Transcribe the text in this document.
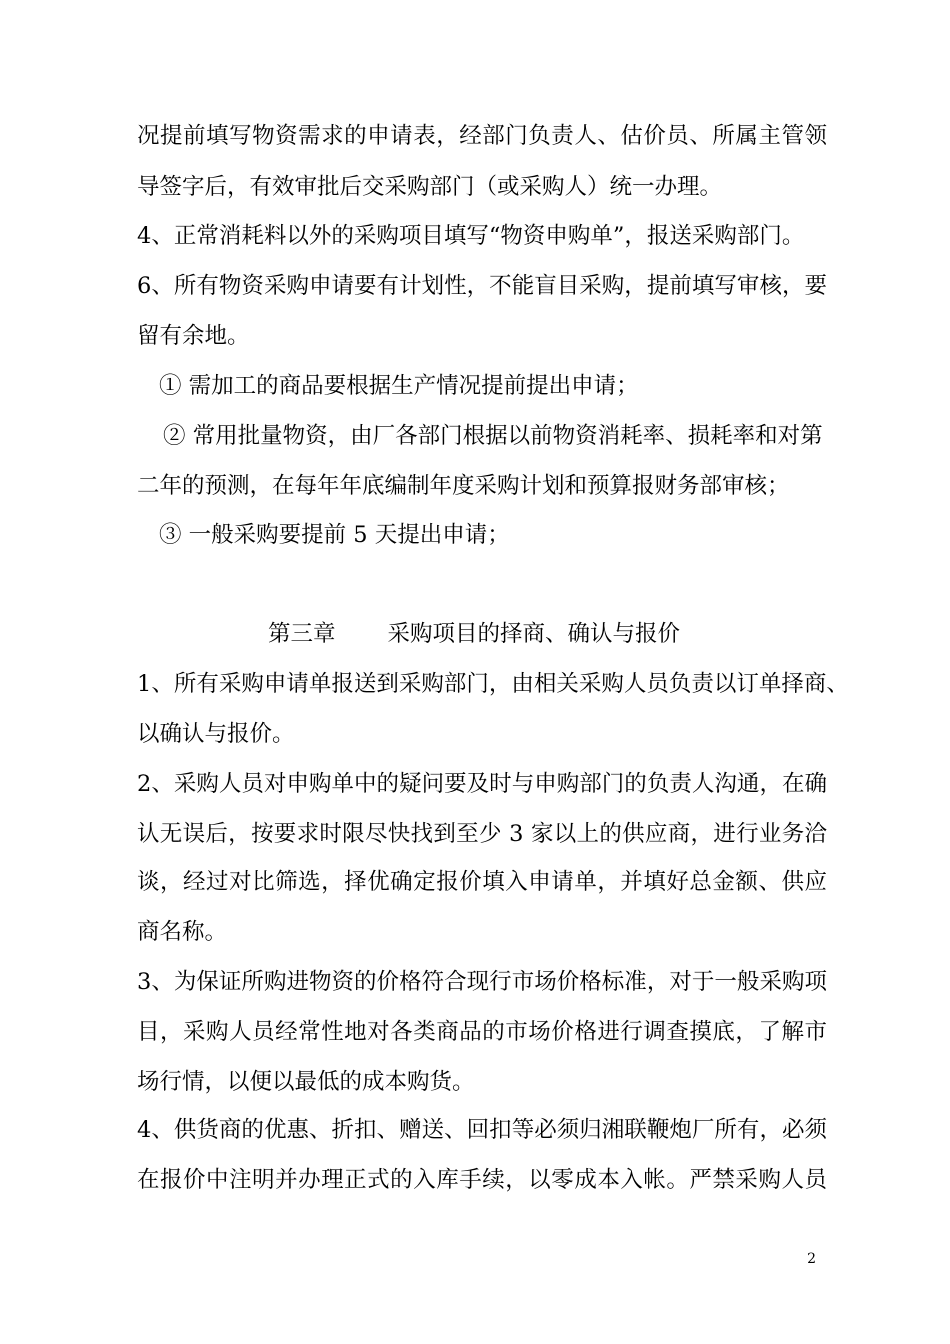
况提前填写物资需求的申请表，经部门负责人、估价员、所属主管领
导签字后，有效审批后交采购部门（或采购人）统一办理。
4、正常消耗料以外的采购项目填写“物资申购单”，报送采购部门。
6、所有物资采购申请要有计划性，不能盲目采购，提前填写审核，要
留有余地。
① 需加工的商品要根据生产情况提前提出申请；
② 常用批量物资，由厂各部门根据以前物资消耗率、损耗率和对第
二年的预测，在每年年底编制年度采购计划和预算报财务部审核；
③ 一般采购要提前 5 天提出申请；
第三章 采购项目的择商、确认与报价
1、所有采购申请单报送到采购部门，由相关采购人员负责以订单择商、
以确认与报价。
2、采购人员对申购单中的疑问要及时与申购部门的负责人沟通，在确
认无误后，按要求时限尽快找到至少 3 家以上的供应商，进行业务洽
谈，经过对比筛选，择优确定报价填入申请单，并填好总金额、供应
商名称。
3、为保证所购进物资的价格符合现行市场价格标准，对于一般采购项
目，采购人员经常性地对各类商品的市场价格进行调查摸底，了解市
场行情，以便以最低的成本购货。
4、供货商的优惠、折扣、赠送、回扣等必须归湘联鞭炮厂所有，必须
在报价中注明并办理正式的入库手续，以零成本入帐。严禁采购人员
2
